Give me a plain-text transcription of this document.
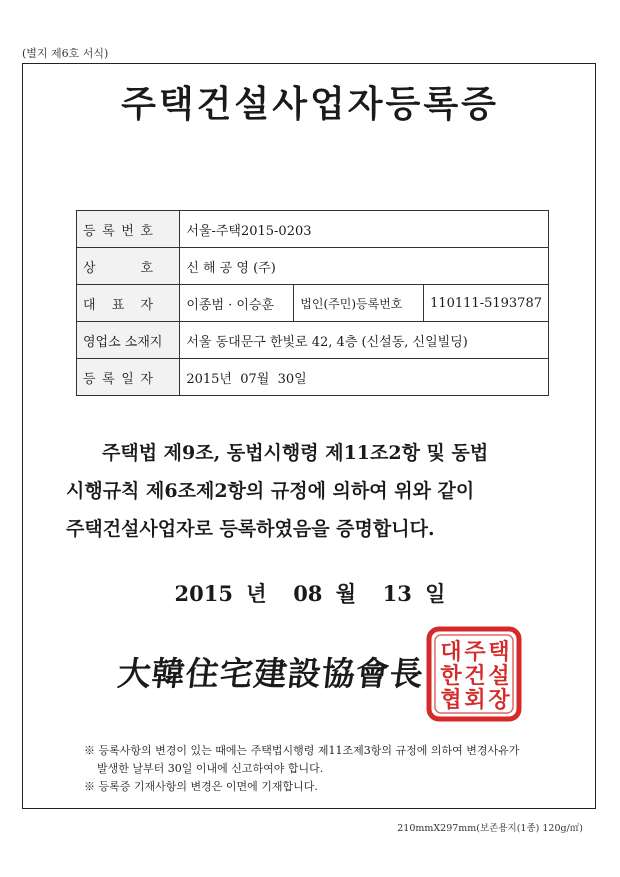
(별지 제6호 서식)
주택건설사업자등록증
등 록 번 호	서울-주택2015-0203		

상 호	신 해 공 영 (주)		

대 표 자	이종범 · 이승훈	법인(주민)등록번호	110111-5193787
영업소 소재지	서울 동대문구 한빛로 42, 4층 (신설동, 신일빌딩)		

등 록 일 자	2015년  07월  30일		
주택법 제9조, 동법시행령 제11조2항 및 동법
시행규칙 제6조제2항의 규정에 의하여 위와 같이
주택건설사업자로 등록하였음을 증명합니다.
2015 년  08 월  13 일
大韓住宅建設協會長
대
한
협
주
건
회
택
설
장
※ 등록사항의 변경이 있는 때에는 주택법시행령 제11조제3항의 규정에 의하여 변경사유가
발생한 날부터 30일 이내에 신고하여야 합니다.
※ 등록증 기재사항의 변경은 이면에 기재합니다.
210mmX297mm(보존용지(1종) 120g/㎡)
